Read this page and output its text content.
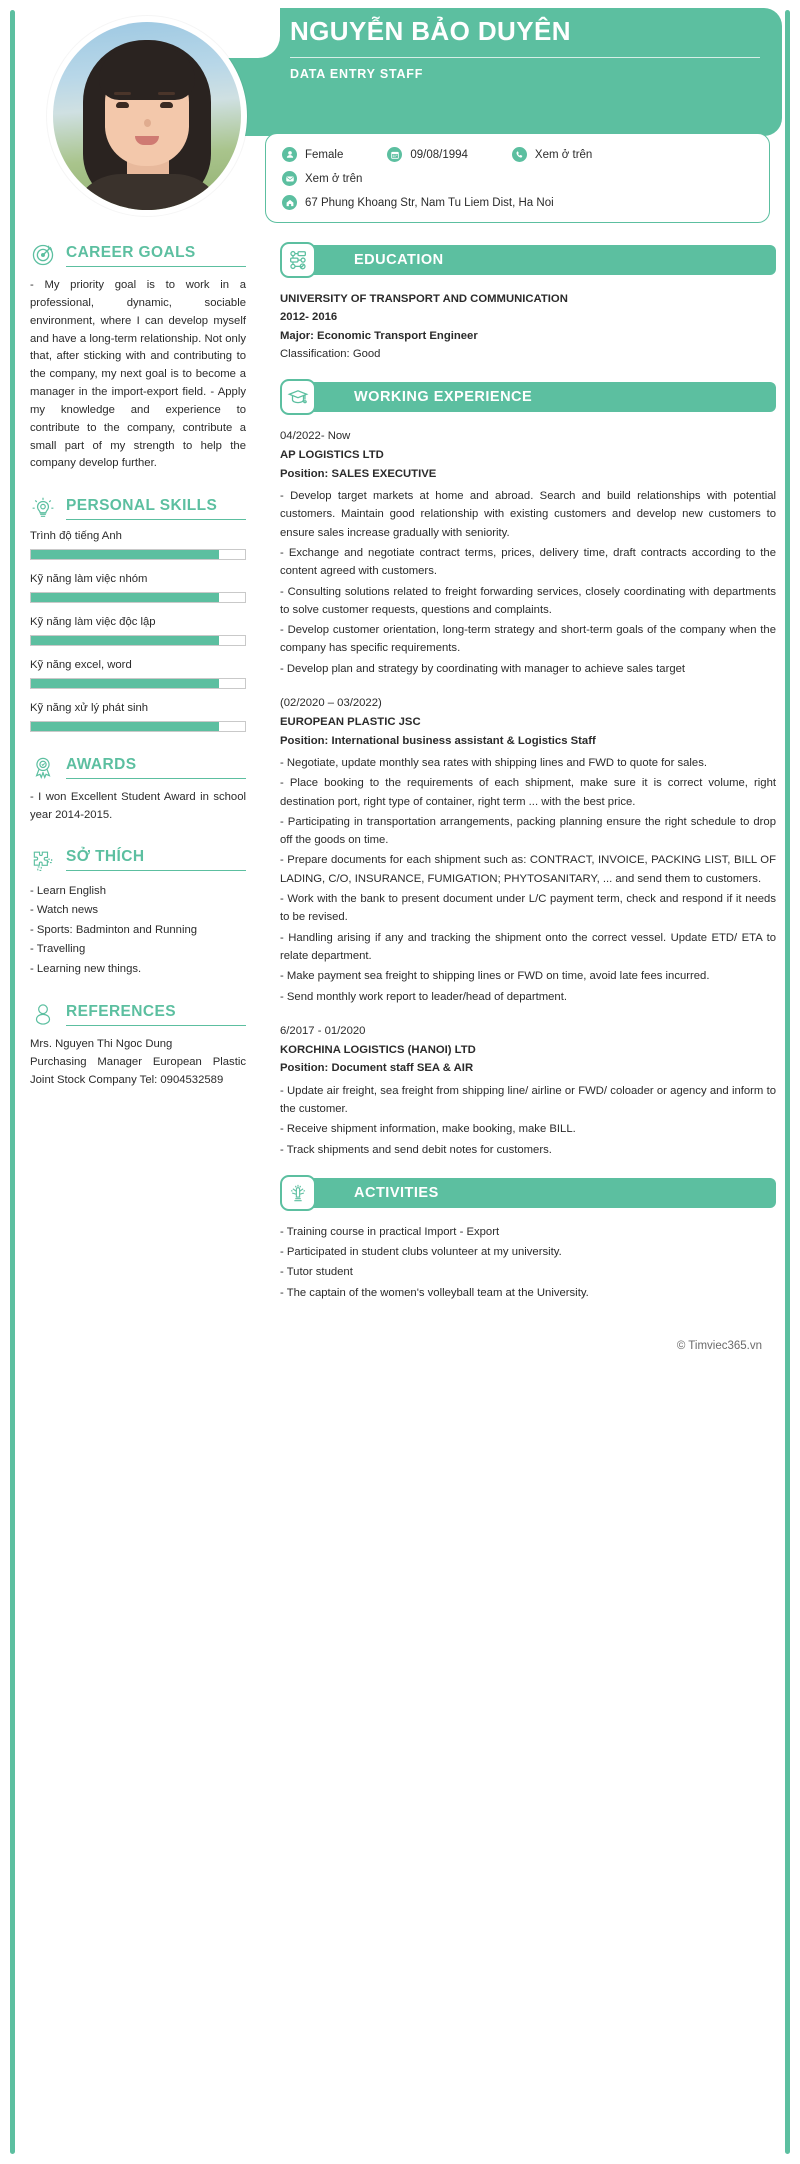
NGUYỄN BẢO DUYÊN
DATA ENTRY STAFF
Female	09/08/1994	Xem ở trên
Xem ở trên
67 Phung Khoang Str, Nam Tu Liem Dist, Ha Noi
CAREER GOALS
- My priority goal is to work in a professional, dynamic, sociable environment, where I can develop myself and have a long-term relationship. Not only that, after sticking with and contributing to the company, my next goal is to become a manager in the import-export field. - Apply my knowledge and experience to contribute to the company, contribute a small part of my strength to help the company develop further.
PERSONAL SKILLS
Trình độ tiếng Anh
Kỹ năng làm việc nhóm
Kỹ năng làm việc độc lập
Kỹ năng excel, word
Kỹ năng xử lý phát sinh
AWARDS
- I won Excellent Student Award in school year 2014-2015.
SỞ THÍCH
- Learn English
- Watch news
- Sports: Badminton and Running
- Travelling
- Learning new things.
REFERENCES
Mrs. Nguyen Thi Ngoc Dung
Purchasing Manager European Plastic Joint Stock Company Tel: 0904532589
EDUCATION
UNIVERSITY OF TRANSPORT AND COMMUNICATION
2012- 2016
Major: Economic Transport Engineer
Classification: Good
WORKING EXPERIENCE
04/2022- Now
AP LOGISTICS LTD
Position: SALES EXECUTIVE

- Develop target markets at home and abroad. Search and build relationships with potential customers. Maintain good relationship with existing customers and develop new customers to ensure sales increase gradually with seniority.

- Exchange and negotiate contract terms, prices, delivery time, draft contracts according to the content agreed with customers.

- Consulting solutions related to freight forwarding services, closely coordinating with departments to solve customer requests, questions and complaints.

- Develop customer orientation, long-term strategy and short-term goals of the company when the company has specific requirements.

- Develop plan and strategy by coordinating with manager to achieve sales target

(02/2020 – 03/2022)
EUROPEAN PLASTIC JSC
Position: International business assistant & Logistics Staff

- Negotiate, update monthly sea rates with shipping lines and FWD to quote for sales.

- Place booking to the requirements of each shipment, make sure it is correct volume, right destination port, right type of container, right term ... with the best price.

- Participating in transportation arrangements, packing planning ensure the right schedule to drop off the goods on time.

- Prepare documents for each shipment such as: CONTRACT, INVOICE, PACKING LIST, BILL OF LADING, C/O, INSURANCE, FUMIGATION; PHYTOSANITARY, ... and send them to customers.

- Work with the bank to present document under L/C payment term, check and respond if it needs to be revised.

- Handling arising if any and tracking the shipment onto the correct vessel. Update ETD/ ETA to relate department.

- Make payment sea freight to shipping lines or FWD on time, avoid late fees incurred.

- Send monthly work report to leader/head of department.

6/2017 - 01/2020
KORCHINA LOGISTICS (HANOI) LTD
Position: Document staff SEA & AIR

- Update air freight, sea freight from shipping line/ airline or FWD/ coloader or agency and inform to the customer.

- Receive shipment information, make booking, make BILL.

- Track shipments and send debit notes for customers.

ACTIVITIES

- Training course in practical Import - Export

- Participated in student clubs volunteer at my university.

- Tutor student

- The captain of the women's volleyball team at the University.

© Timviec365.vn
